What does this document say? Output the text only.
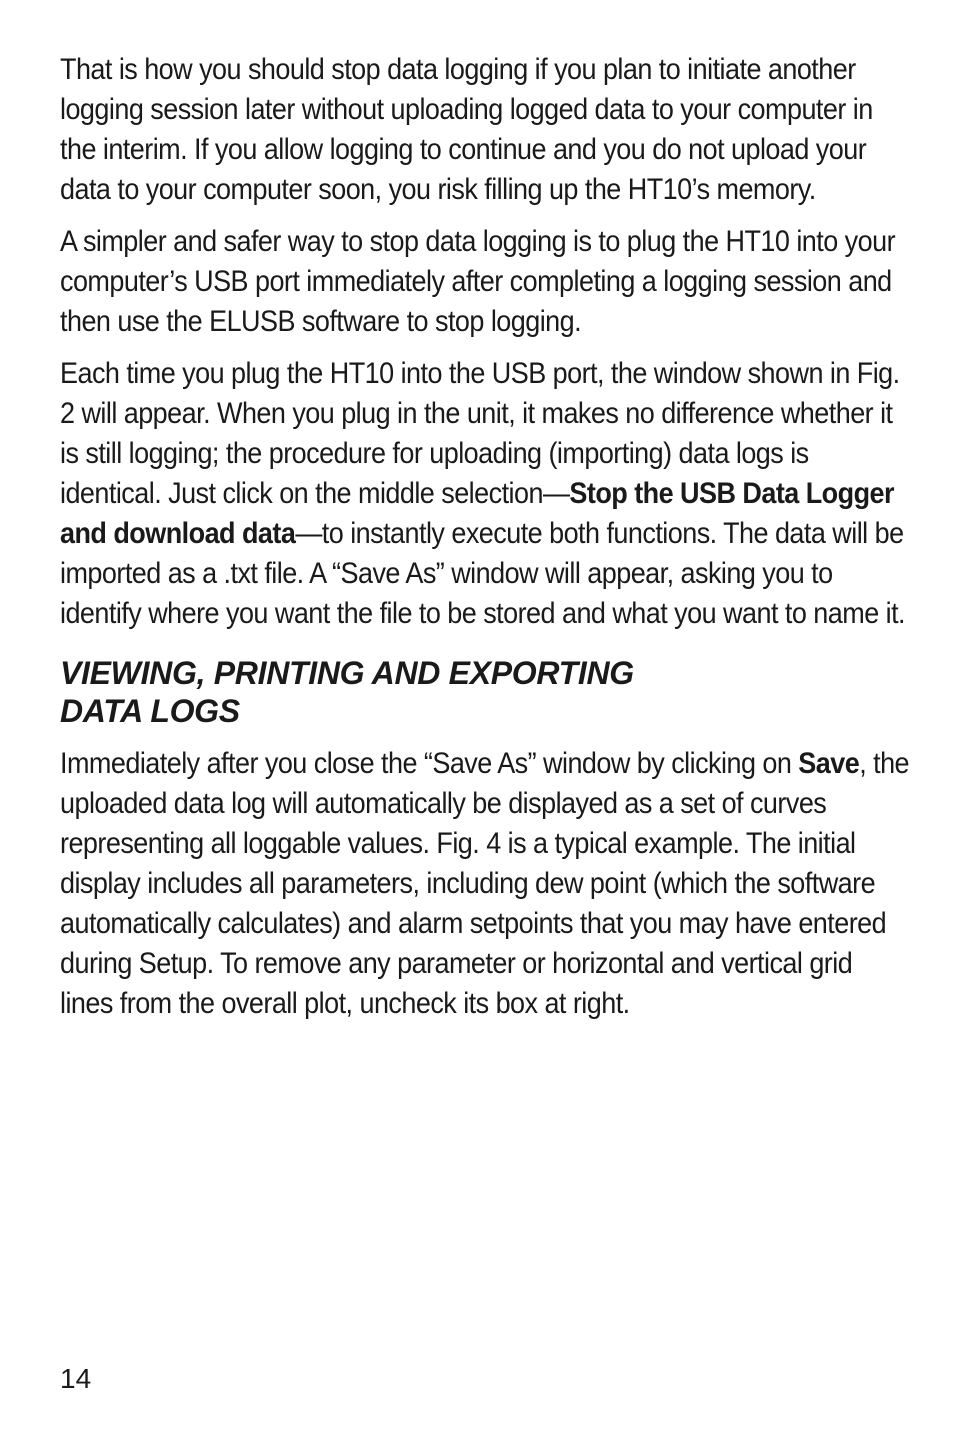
That is how you should stop data logging if you plan to initiate another logging session later without uploading logged data to your computer in the interim. If you allow logging to continue and you do not upload your data to your computer soon, you risk filling up the HT10’s memory.

A simpler and safer way to stop data logging is to plug the HT10 into your computer’s USB port immediately after completing a logging session and then use the ELUSB software to stop logging.

Each time you plug the HT10 into the USB port, the window shown in Fig. 2 will appear. When you plug in the unit, it makes no difference whether it is still logging; the procedure for uploading (importing) data logs is identical. Just click on the middle selection—Stop the USB Data Logger and download data—to instantly execute both functions. The data will be imported as a .txt file. A “Save As” window will appear, asking you to identify where you want the file to be stored and what you want to name it.

VIEWING, PRINTING AND EXPORTING
DATA LOGS

Immediately after you close the “Save As” window by clicking on Save, the uploaded data log will automatically be displayed as a set of curves representing all loggable values. Fig. 4 is a typical example. The initial display includes all parameters, including dew point (which the software automatically calculates) and alarm setpoints that you may have entered during Setup. To remove any parameter or horizontal and vertical grid lines from the overall plot, uncheck its box at right.

14
